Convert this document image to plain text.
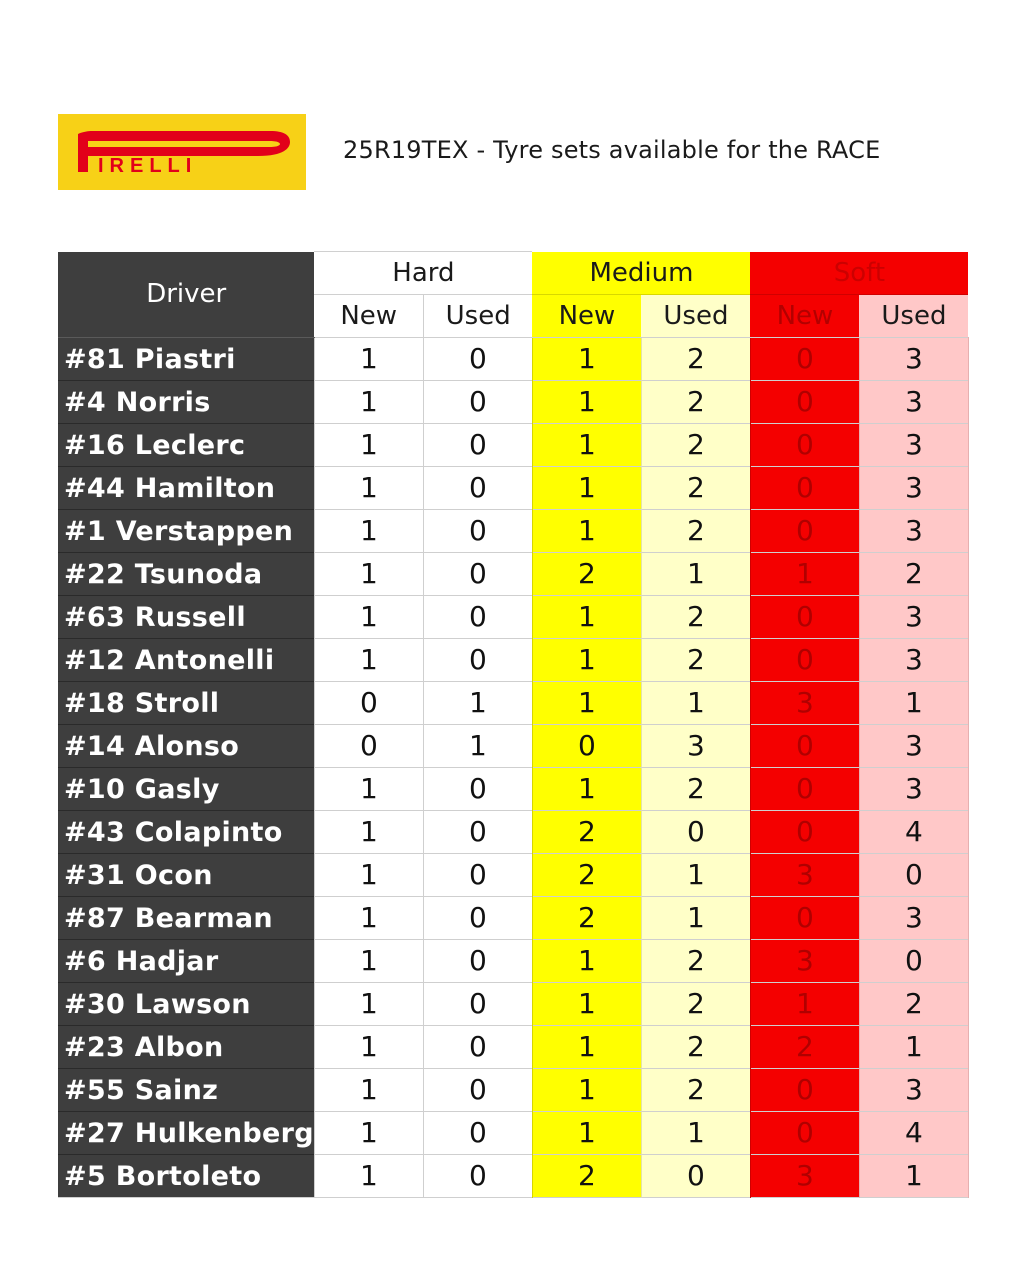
IRELLI
25R19TEX - Tyre sets available for the RACE
Driver	Hard		Medium		Soft	
	New	Used	New	Used	New	Used
#81 Piastri	1	0	1	2	0	3
#4 Norris	1	0	1	2	0	3
#16 Leclerc	1	0	1	2	0	3
#44 Hamilton	1	0	1	2	0	3
#1 Verstappen	1	0	1	2	0	3
#22 Tsunoda	1	0	2	1	1	2
#63 Russell	1	0	1	2	0	3
#12 Antonelli	1	0	1	2	0	3
#18 Stroll	0	1	1	1	3	1
#14 Alonso	0	1	0	3	0	3
#10 Gasly	1	0	1	2	0	3
#43 Colapinto	1	0	2	0	0	4
#31 Ocon	1	0	2	1	3	0
#87 Bearman	1	0	2	1	0	3
#6 Hadjar	1	0	1	2	3	0
#30 Lawson	1	0	1	2	1	2
#23 Albon	1	0	1	2	2	1
#55 Sainz	1	0	1	2	0	3
#27 Hulkenberg	1	0	1	1	0	4
#5 Bortoleto	1	0	2	0	3	1
